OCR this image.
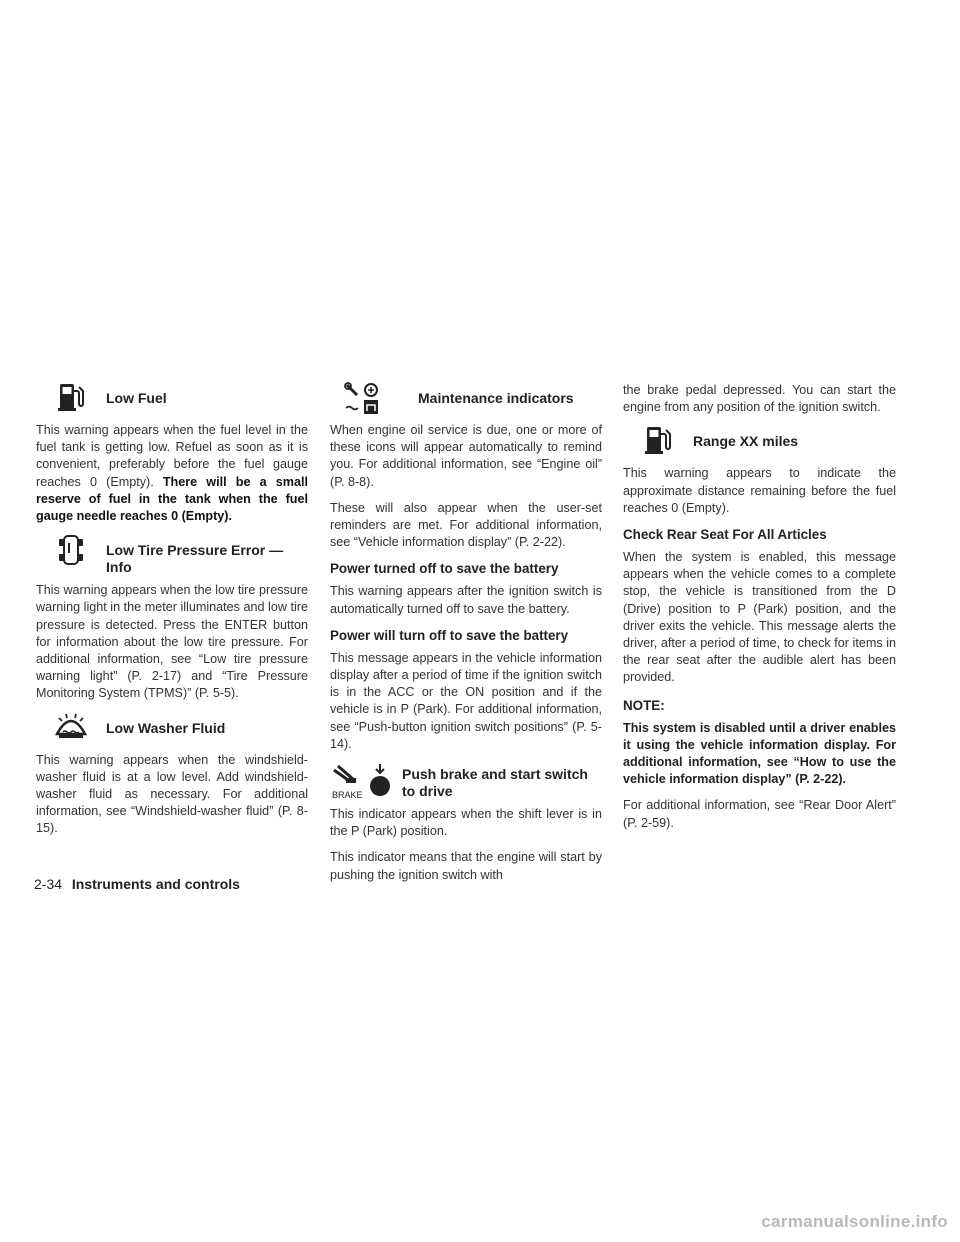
Low Fuel

This warning appears when the fuel level in the fuel tank is getting low. Refuel as soon as it is convenient, preferably before the fuel gauge reaches 0 (Empty). There will be a small reserve of fuel in the tank when the fuel gauge needle reaches 0 (Empty).

Low Tire Pressure Error — Info

This warning appears when the low tire pressure warning light in the meter illuminates and low tire pressure is detected. Press the ENTER button for information about the low tire pressure. For additional information, see “Low tire pressure warning light” (P. 2-17) and “Tire Pressure Monitoring System (TPMS)” (P. 5-5).

Low Washer Fluid

This warning appears when the windshield-washer fluid is at a low level. Add windshield-washer fluid as necessary. For additional information, see “Windshield-washer fluid” (P. 8-15).

Maintenance indicators

When engine oil service is due, one or more of these icons will appear automatically to remind you. For additional information, see “Engine oil” (P. 8-8).

These will also appear when the user-set reminders are met. For additional information, see “Vehicle information display” (P. 2-22).

Power turned off to save the battery

This warning appears after the ignition switch is automatically turned off to save the battery.

Power will turn off to save the battery

This message appears in the vehicle information display after a period of time if the ignition switch is in the ACC or the ON position and if the vehicle is in P (Park). For additional information, see “Push-button ignition switch positions” (P. 5-14).

BRAKE
Push brake and start switch to drive

This indicator appears when the shift lever is in the P (Park) position.

This indicator means that the engine will start by pushing the ignition switch with

the brake pedal depressed. You can start the engine from any position of the ignition switch.

Range XX miles

This warning appears to indicate the approximate distance remaining before the fuel reaches 0 (Empty).

Check Rear Seat For All Articles

When the system is enabled, this message appears when the vehicle comes to a complete stop, the vehicle is transitioned from the D (Drive) position to P (Park) position, and the driver exits the vehicle. This message alerts the driver, after a period of time, to check for items in the rear seat after the audible alert has been provided.

NOTE:

This system is disabled until a driver enables it using the vehicle information display. For additional information, see “How to use the vehicle information display” (P. 2-22).

For additional information, see “Rear Door Alert” (P. 2-59).

2-34 Instruments and controls
carmanualsonline.info
